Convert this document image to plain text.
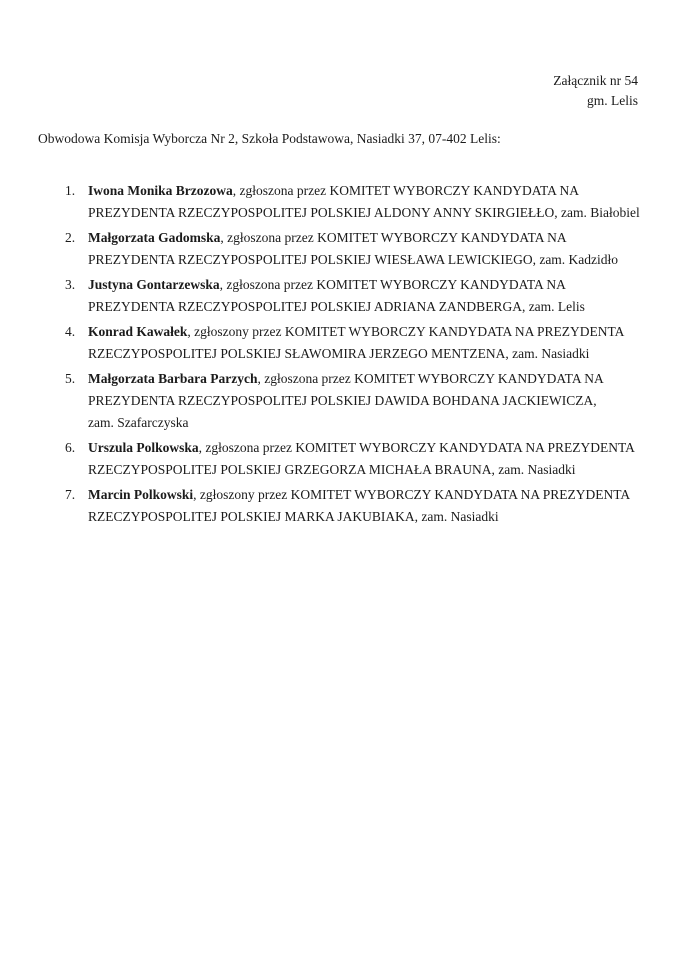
Załącznik nr 54
gm. Lelis

Obwodowa Komisja Wyborcza Nr 2, Szkoła Podstawowa, Nasiadki 37, 07-402 Lelis:

1. Iwona Monika Brzozowa, zgłoszona przez KOMITET WYBORCZY KANDYDATA NA PREZYDENTA RZECZYPOSPOLITEJ POLSKIEJ ALDONY ANNY SKIRGIEŁŁO, zam. Białobiel
2. Małgorzata Gadomska, zgłoszona przez KOMITET WYBORCZY KANDYDATA NA PREZYDENTA RZECZYPOSPOLITEJ POLSKIEJ WIESŁAWA LEWICKIEGO, zam. Kadzidło
3. Justyna Gontarzewska, zgłoszona przez KOMITET WYBORCZY KANDYDATA NA PREZYDENTA RZECZYPOSPOLITEJ POLSKIEJ ADRIANA ZANDBERGA, zam. Lelis
4. Konrad Kawałek, zgłoszony przez KOMITET WYBORCZY KANDYDATA NA PREZYDENTA RZECZYPOSPOLITEJ POLSKIEJ SŁAWOMIRA JERZEGO MENTZENA, zam. Nasiadki
5. Małgorzata Barbara Parzych, zgłoszona przez KOMITET WYBORCZY KANDYDATA NA PREZYDENTA RZECZYPOSPOLITEJ POLSKIEJ DAWIDA BOHDANA JACKIEWICZA, zam. Szafarczyska
6. Urszula Polkowska, zgłoszona przez KOMITET WYBORCZY KANDYDATA NA PREZYDENTA RZECZYPOSPOLITEJ POLSKIEJ GRZEGORZA MICHAŁA BRAUNA, zam. Nasiadki
7. Marcin Polkowski, zgłoszony przez KOMITET WYBORCZY KANDYDATA NA PREZYDENTA RZECZYPOSPOLITEJ POLSKIEJ MARKA JAKUBIAKA, zam. Nasiadki
